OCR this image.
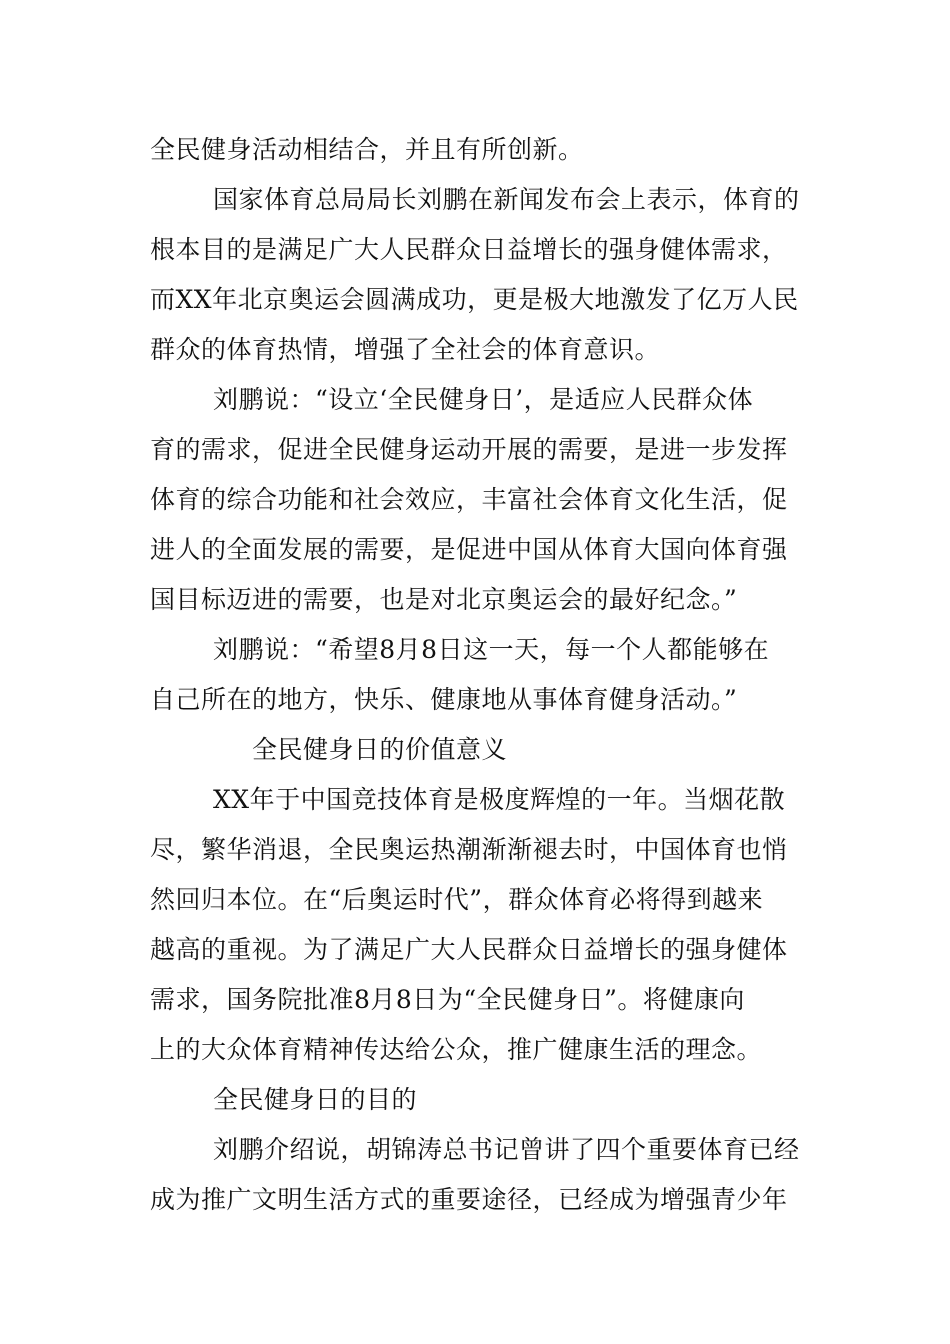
全民健身活动相结合，并且有所创新。
国家体育总局局长刘鹏在新闻发布会上表示，体育的
根本目的是满足广大人民群众日益增长的强身健体需求，
而XX年北京奥运会圆满成功，更是极大地激发了亿万人民
群众的体育热情，增强了全社会的体育意识。
刘鹏说：“设立‘全民健身日’，是适应人民群众体
育的需求，促进全民健身运动开展的需要，是进一步发挥
体育的综合功能和社会效应，丰富社会体育文化生活，促
进人的全面发展的需要，是促进中国从体育大国向体育强
国目标迈进的需要，也是对北京奥运会的最好纪念。”
刘鹏说：“希望8月8日这一天，每一个人都能够在
自己所在的地方，快乐、健康地从事体育健身活动。”
全民健身日的价值意义
XX年于中国竞技体育是极度辉煌的一年。当烟花散
尽，繁华消退，全民奥运热潮渐渐褪去时，中国体育也悄
然回归本位。在“后奥运时代”，群众体育必将得到越来
越高的重视。为了满足广大人民群众日益增长的强身健体
需求，国务院批准8月8日为“全民健身日”。将健康向
上的大众体育精神传达给公众，推广健康生活的理念。
全民健身日的目的
刘鹏介绍说，胡锦涛总书记曾讲了四个重要体育已经
成为推广文明生活方式的重要途径，已经成为增强青少年
